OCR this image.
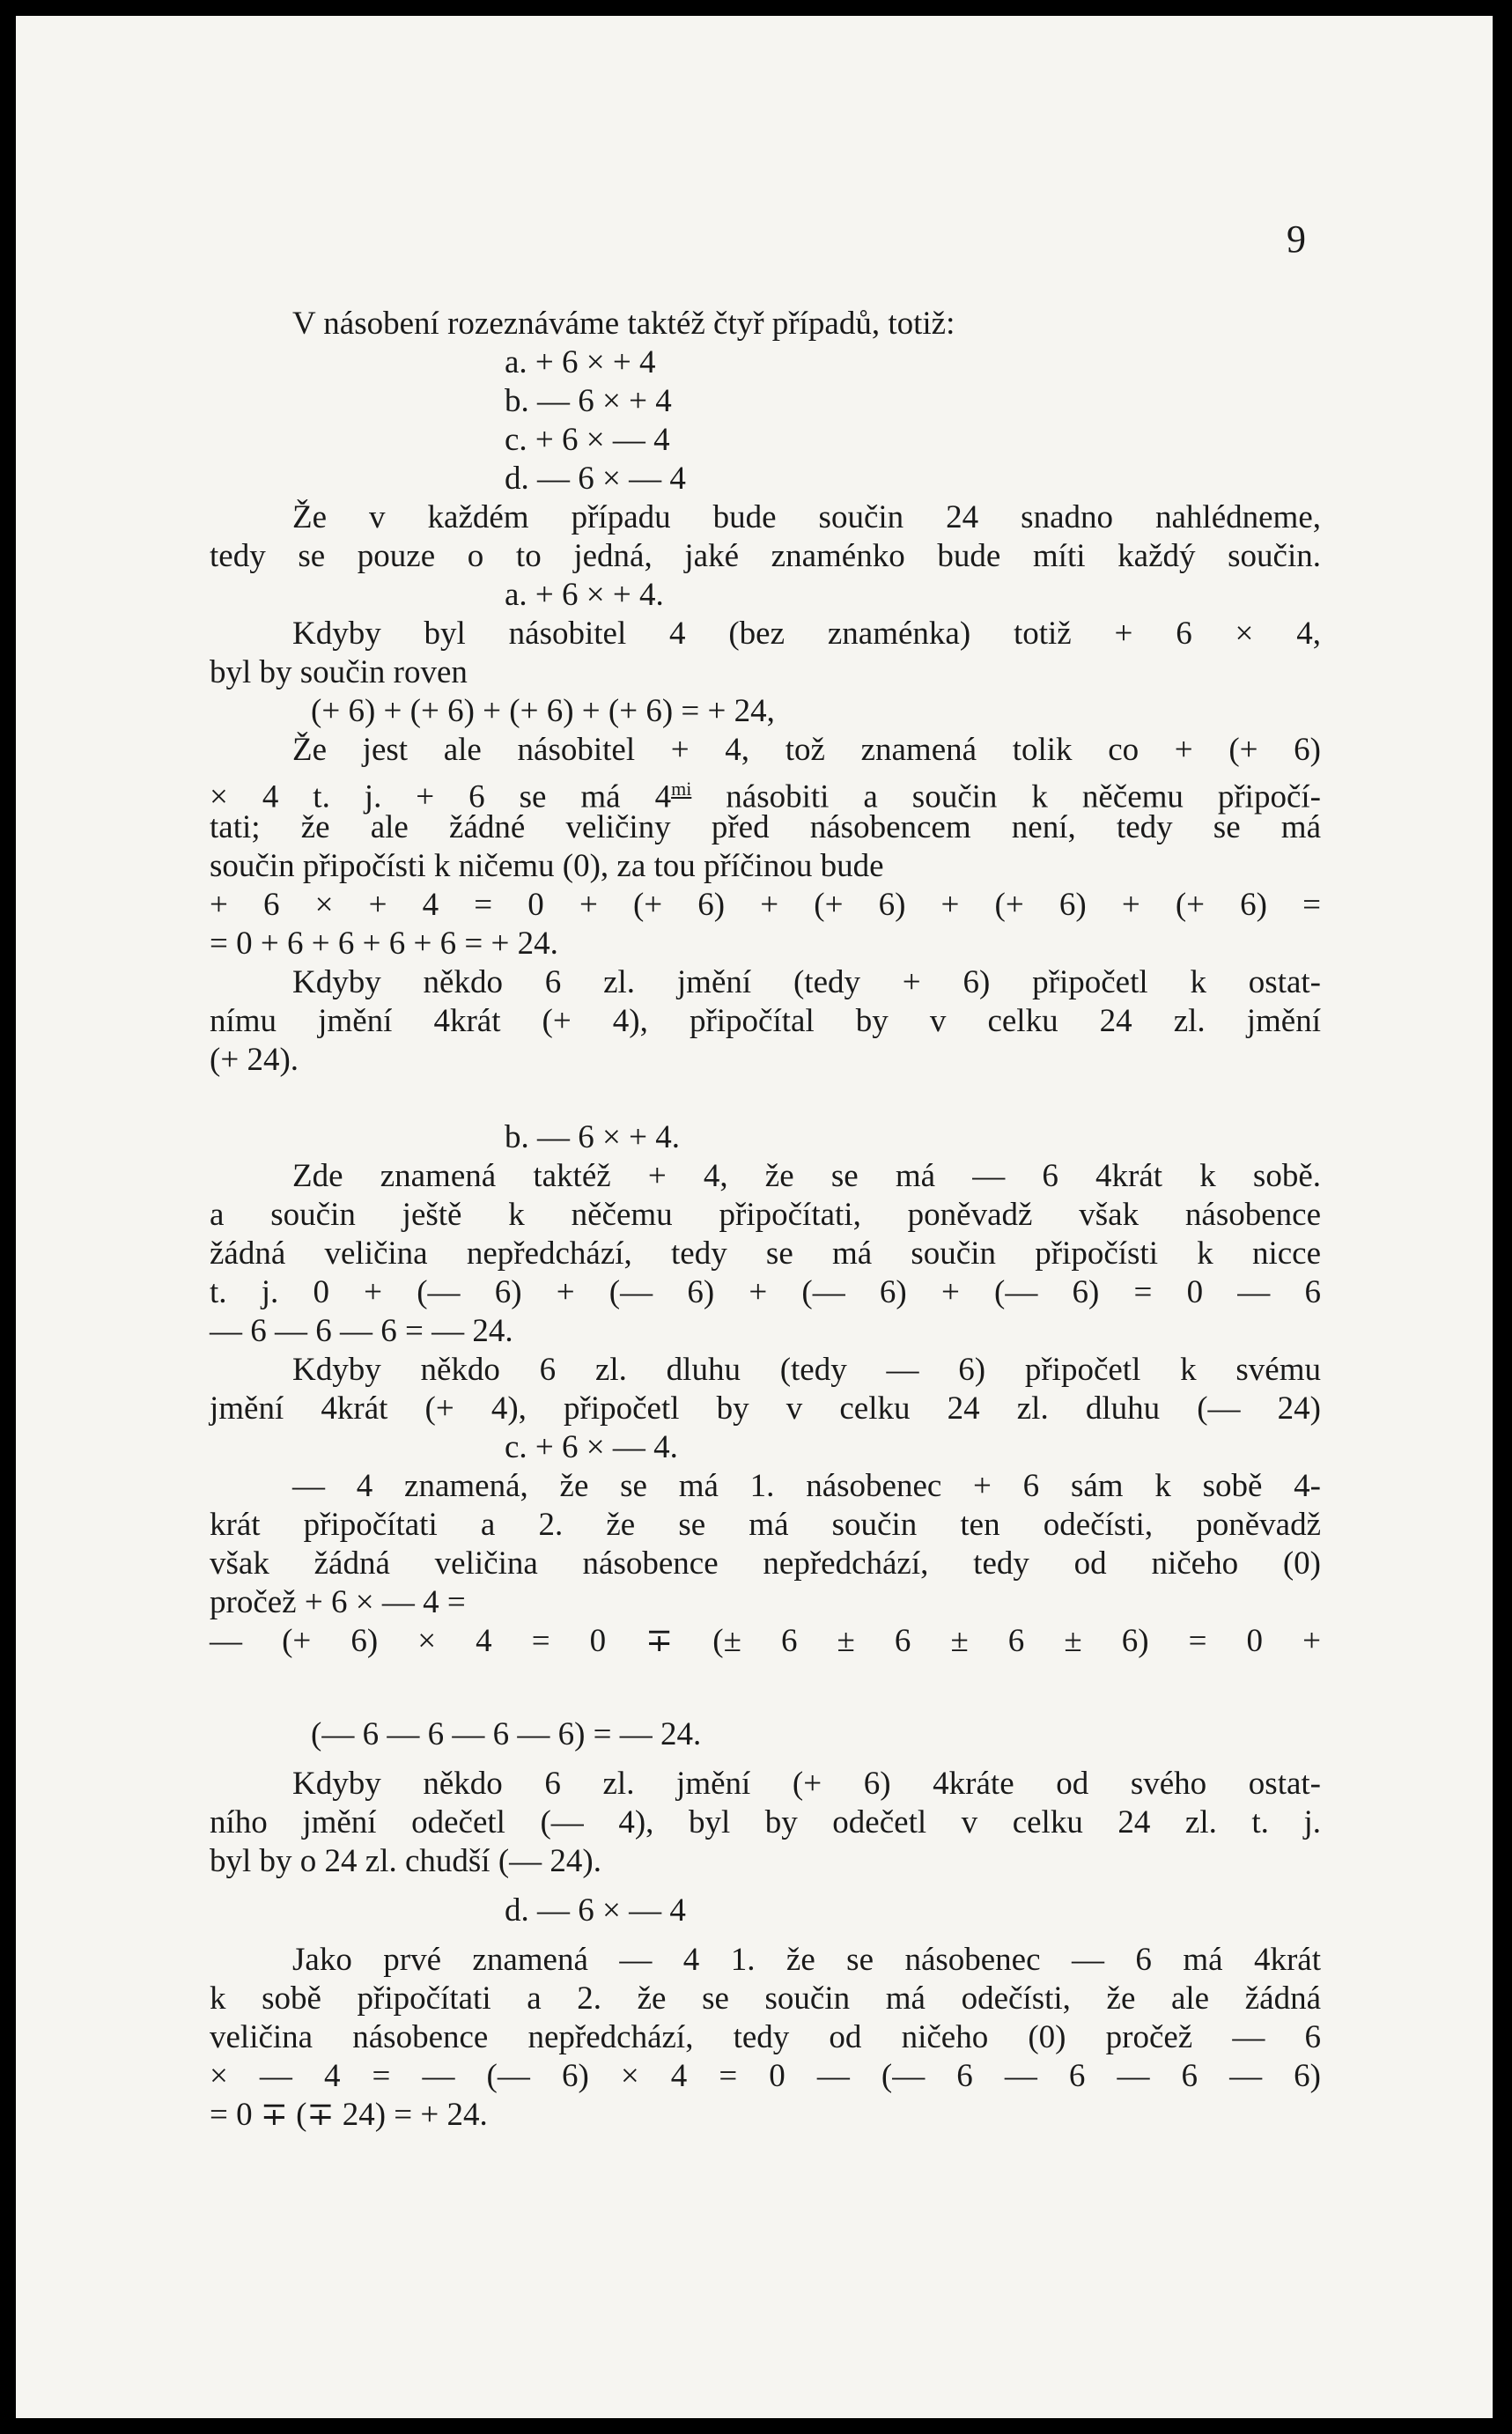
9
V násobení rozeznáváme taktéž čtyř případů, totiž:
a. + 6 × + 4
b. — 6 × + 4
c. + 6 × — 4
d. — 6 × — 4
Že v každém případu bude součin 24 snadno nahlédneme,
tedy se pouze o to jedná, jaké znaménko bude míti každý součin.
a. + 6 × + 4.
Kdyby byl násobitel 4 (bez znaménka) totiž + 6 × 4,
byl by součin roven
(+ 6) + (+ 6) + (+ 6) + (+ 6) = + 24,
Že jest ale násobitel + 4, tož znamená tolik co + (+ 6)
× 4 t. j. + 6 se má $4^{mi}$ násobiti a součin k něčemu připočí-
tati; že ale žádné veličiny před násobencem není, tedy se má
součin připočísti k ničemu (0), za tou příčinou bude
+ 6 × + 4 = 0 + (+ 6) + (+ 6) + (+ 6) + (+ 6) =
= 0 + 6 + 6 + 6 + 6 = + 24.
Kdyby někdo 6 zl. jmění (tedy + 6) připočetl k ostat-
nímu jmění 4krát (+ 4), připočítal by v celku 24 zl. jmění
(+ 24).
b. — 6 × + 4.
Zde znamená taktéž + 4, že se má — 6 4krát k sobě.
a součin ještě k něčemu připočítati, poněvadž však násobence
žádná veličina nepředchází, tedy se má součin připočísti k nicce
t. j. 0 + (— 6) + (— 6) + (— 6) + (— 6) = 0 — 6
— 6 — 6 — 6 = — 24.
Kdyby někdo 6 zl. dluhu (tedy — 6) připočetl k svému
jmění 4krát (+ 4), připočetl by v celku 24 zl. dluhu (— 24)
c. + 6 × — 4.
— 4 znamená, že se má 1. násobenec + 6 sám k sobě 4-
krát připočítati a 2. že se má součin ten odečísti, poněvadž
však žádná veličina násobence nepředchází, tedy od ničeho (0)
pročež + 6 × — 4 =
— (+ 6) × 4 = 0 ∓ (± 6 ± 6 ± 6 ± 6) = 0 +
(— 6 — 6 — 6 — 6) = — 24.
Kdyby někdo 6 zl. jmění (+ 6) 4kráte od svého ostat-
ního jmění odečetl (— 4), byl by odečetl v celku 24 zl. t. j.
byl by o 24 zl. chudší (— 24).
d. — 6 × — 4
Jako prvé znamená — 4 1. že se násobenec — 6 má 4krát
k sobě připočítati a 2. že se součin má odečísti, že ale žádná
veličina násobence nepředchází, tedy od ničeho (0) pročež — 6
× — 4 = — (— 6) × 4 = 0 — (— 6 — 6 — 6 — 6)
= 0 ∓ (∓ 24) = + 24.
